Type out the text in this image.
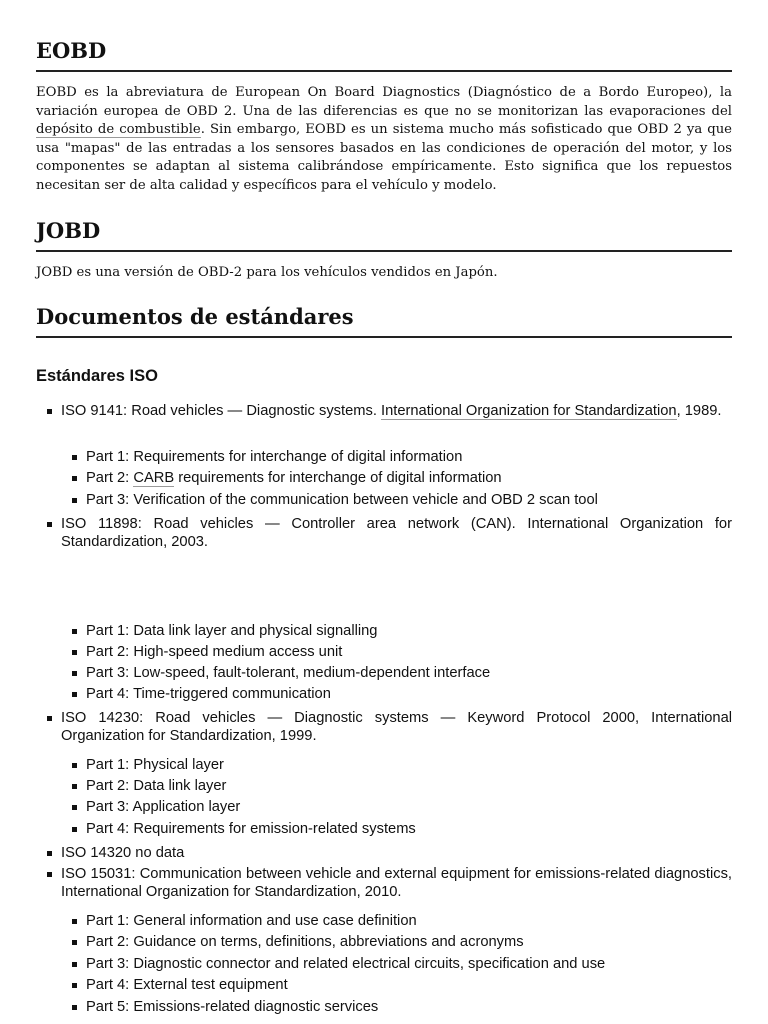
EOBD

EOBD es la abreviatura de European On Board Diagnostics (Diagnóstico de a Bordo Europeo), la variación europea de OBD 2. Una de las diferencias es que no se monitorizan las evaporaciones del depósito de combustible. Sin embargo, EOBD es un sistema mucho más sofisticado que OBD 2 ya que usa "mapas" de las entradas a los sensores basados en las condiciones de operación del motor, y los componentes se adaptan al sistema calibrándose empíricamente. Esto significa que los repuestos necesitan ser de alta calidad y específicos para el vehículo y modelo.

JOBD

JOBD es una versión de OBD-2 para los vehículos vendidos en Japón.

Documentos de estándares
Estándares ISO
ISO 9141: Road vehicles — Diagnostic systems. International Organization for Standardization, 1989.
Part 1: Requirements for interchange of digital information
Part 2: CARB requirements for interchange of digital information
Part 3: Verification of the communication between vehicle and OBD 2 scan tool
ISO 11898: Road vehicles — Controller area network (CAN). International Organization for Standardization, 2003.
Part 1: Data link layer and physical signalling
Part 2: High-speed medium access unit
Part 3: Low-speed, fault-tolerant, medium-dependent interface
Part 4: Time-triggered communication
ISO 14230: Road vehicles — Diagnostic systems — Keyword Protocol 2000, International Organization for Standardization, 1999.
Part 1: Physical layer
Part 2: Data link layer
Part 3: Application layer
Part 4: Requirements for emission-related systems
ISO 14320 no data
ISO 15031: Communication between vehicle and external equipment for emissions-related diagnostics, International Organization for Standardization, 2010.
Part 1: General information and use case definition
Part 2: Guidance on terms, definitions, abbreviations and acronyms
Part 3: Diagnostic connector and related electrical circuits, specification and use
Part 4: External test equipment
Part 5: Emissions-related diagnostic services
